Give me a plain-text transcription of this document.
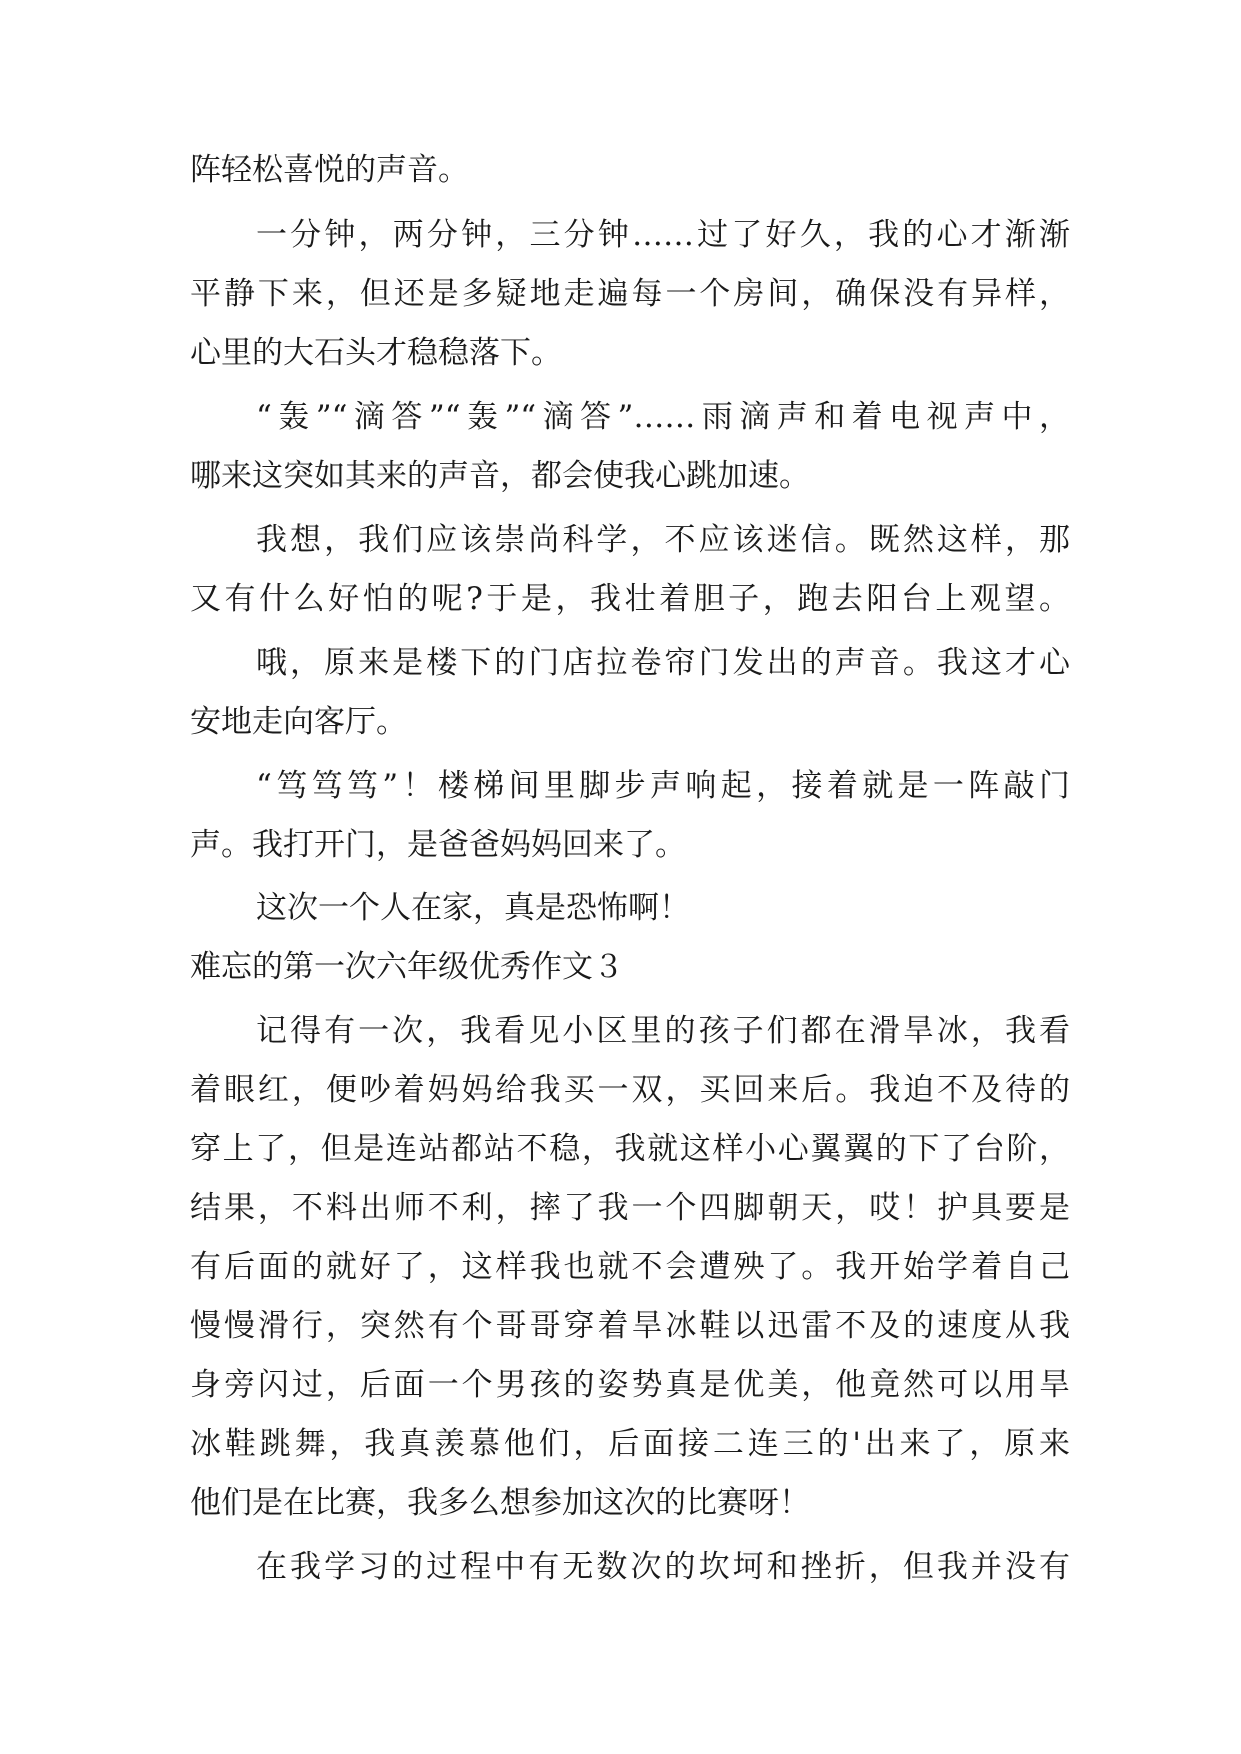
阵轻松喜悦的声音。
一分钟，两分钟，三分钟……过了好久，我的心才渐渐
平静下来，但还是多疑地走遍每一个房间，确保没有异样，
心里的大石头才稳稳落下。
“轰”“滴答”“轰”“滴答”……雨滴声和着电视声中，
哪来这突如其来的声音，都会使我心跳加速。
我想，我们应该崇尚科学，不应该迷信。既然这样，那
又有什么好怕的呢?于是，我壮着胆子，跑去阳台上观望。
哦，原来是楼下的门店拉卷帘门发出的声音。我这才心
安地走向客厅。
“笃笃笃”！楼梯间里脚步声响起，接着就是一阵敲门
声。我打开门，是爸爸妈妈回来了。
这次一个人在家，真是恐怖啊！
难忘的第一次六年级优秀作文３
记得有一次，我看见小区里的孩子们都在滑旱冰，我看
着眼红，便吵着妈妈给我买一双，买回来后。我迫不及待的
穿上了，但是连站都站不稳，我就这样小心翼翼的下了台阶，
结果，不料出师不利，摔了我一个四脚朝天，哎！护具要是
有后面的就好了，这样我也就不会遭殃了。我开始学着自己
慢慢滑行，突然有个哥哥穿着旱冰鞋以迅雷不及的速度从我
身旁闪过，后面一个男孩的姿势真是优美，他竟然可以用旱
冰鞋跳舞，我真羡慕他们，后面接二连三的'出来了，原来
他们是在比赛，我多么想参加这次的比赛呀！
在我学习的过程中有无数次的坎坷和挫折，但我并没有
